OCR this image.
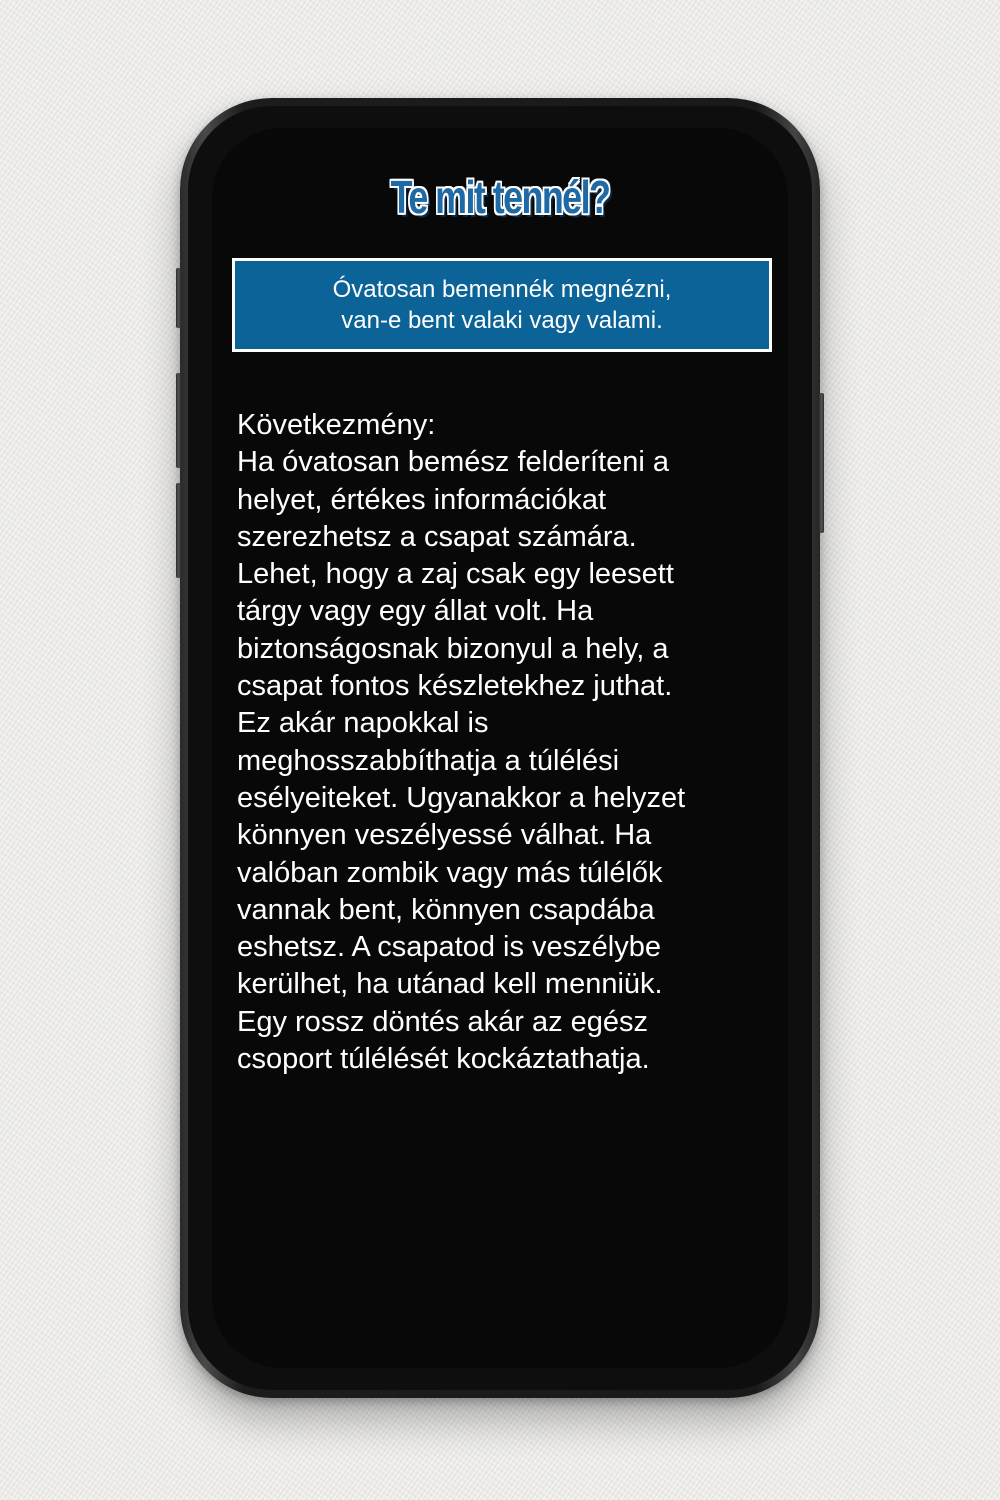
Te mit tennél?
Óvatosan bemennék megnézni,
van-e bent valaki vagy valami.
Következmény:
Ha óvatosan bemész felderíteni a
helyet, értékes információkat
szerezhetsz a csapat számára.
Lehet, hogy a zaj csak egy leesett
tárgy vagy egy állat volt. Ha
biztonságosnak bizonyul a hely, a
csapat fontos készletekhez juthat.
Ez akár napokkal is
meghosszabbíthatja a túlélési
esélyeiteket. Ugyanakkor a helyzet
könnyen veszélyessé válhat. Ha
valóban zombik vagy más túlélők
vannak bent, könnyen csapdába
eshetsz. A csapatod is veszélybe
kerülhet, ha utánad kell menniük.
Egy rossz döntés akár az egész
csoport túlélését kockáztathatja.
